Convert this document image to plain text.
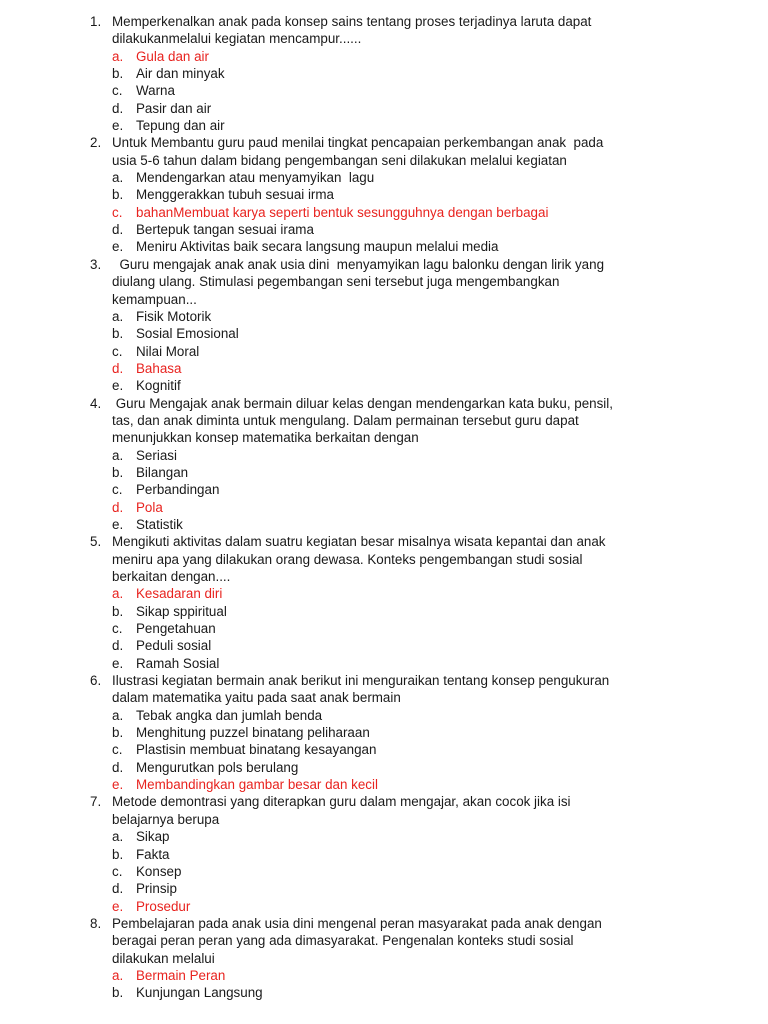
1. Memperkenalkan anak pada konsep sains tentang proses terjadinya laruta dapat
dilakukanmelalui kegiatan mencampur......
a. Gula dan air
b. Air dan minyak
c.	Warna
d. Pasir dan air
e. Tepung dan air
2. Untuk Membantu guru paud menilai tingkat pencapaian perkembangan anak  pada
usia 5-6 tahun dalam bidang pengembangan seni dilakukan melalui kegiatan
a. Mendengarkan atau menyamyikan  lagu
b. Menggerakkan tubuh sesuai irma
c.	bahanMembuat karya seperti bentuk sesungguhnya dengan berbagai
d. Bertepuk tangan sesuai irama
e. Meniru Aktivitas baik secara langsung maupun melalui media
3. Guru mengajak anak anak usia dini  menyamyikan lagu balonku dengan lirik yang
diulang ulang. Stimulasi pegembangan seni tersebut juga mengembangkan
kemampuan...
a. Fisik Motorik
b. Sosial Emosional
c.	Nilai Moral
d. Bahasa
e. Kognitif
4. Guru Mengajak anak bermain diluar kelas dengan mendengarkan kata buku, pensil,
tas, dan anak diminta untuk mengulang. Dalam permainan tersebut guru dapat
menunjukkan konsep matematika berkaitan dengan
a. Seriasi
b. Bilangan
c.	Perbandingan
d. Pola
e. Statistik
5. Mengikuti aktivitas dalam suatru kegiatan besar misalnya wisata kepantai dan anak
meniru apa yang dilakukan orang dewasa. Konteks pengembangan studi sosial
berkaitan dengan....
a. Kesadaran diri
b. Sikap sppiritual
c.	Pengetahuan
d. Peduli sosial
e. Ramah Sosial
6. Ilustrasi kegiatan bermain anak berikut ini menguraikan tentang konsep pengukuran
dalam matematika yaitu pada saat anak bermain
a. Tebak angka dan jumlah benda
b. Menghitung puzzel binatang peliharaan
c.	Plastisin membuat binatang kesayangan
d. Mengurutkan pols berulang
e. Membandingkan gambar besar dan kecil
7. Metode demontrasi yang diterapkan guru dalam mengajar, akan cocok jika isi
belajarnya berupa
a. Sikap
b. Fakta
c.	Konsep
d. Prinsip
e. Prosedur
8. Pembelajaran pada anak usia dini mengenal peran masyarakat pada anak dengan
beragai peran peran yang ada dimasyarakat. Pengenalan konteks studi sosial
dilakukan melalui
a. Bermain Peran
b. Kunjungan Langsung
